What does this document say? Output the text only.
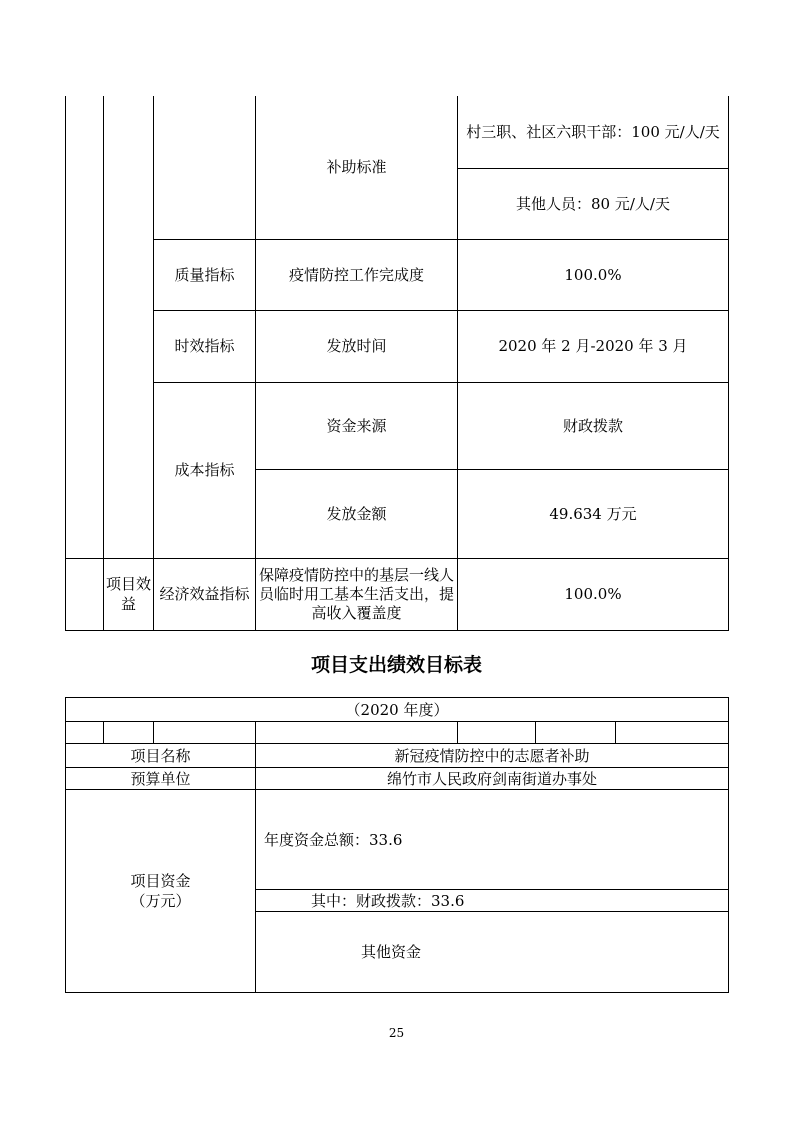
			补助标准	村三职、社区六职干部：100 元/人/天
				其他人员：80 元/人/天
		质量指标	疫情防控工作完成度	100.0%
		时效指标	发放时间	2020 年 2 月-2020 年 3 月
		成本指标	资金来源	财政拨款
			发放金额	49.634 万元

	项目效益	经济效益指标	保障疫情防控中的基层一线人员临时用工基本生活支出，提高收入覆盖度	100.0%
项目支出绩效目标表
（2020 年度）						

项目名称			新冠疫情防控中的志愿者补助			
预算单位			绵竹市人民政府剑南街道办事处			

项目资金
（万元）			年度资金总额：33.6			
			其中：财政拨款：33.6			
			其他资金			
25
